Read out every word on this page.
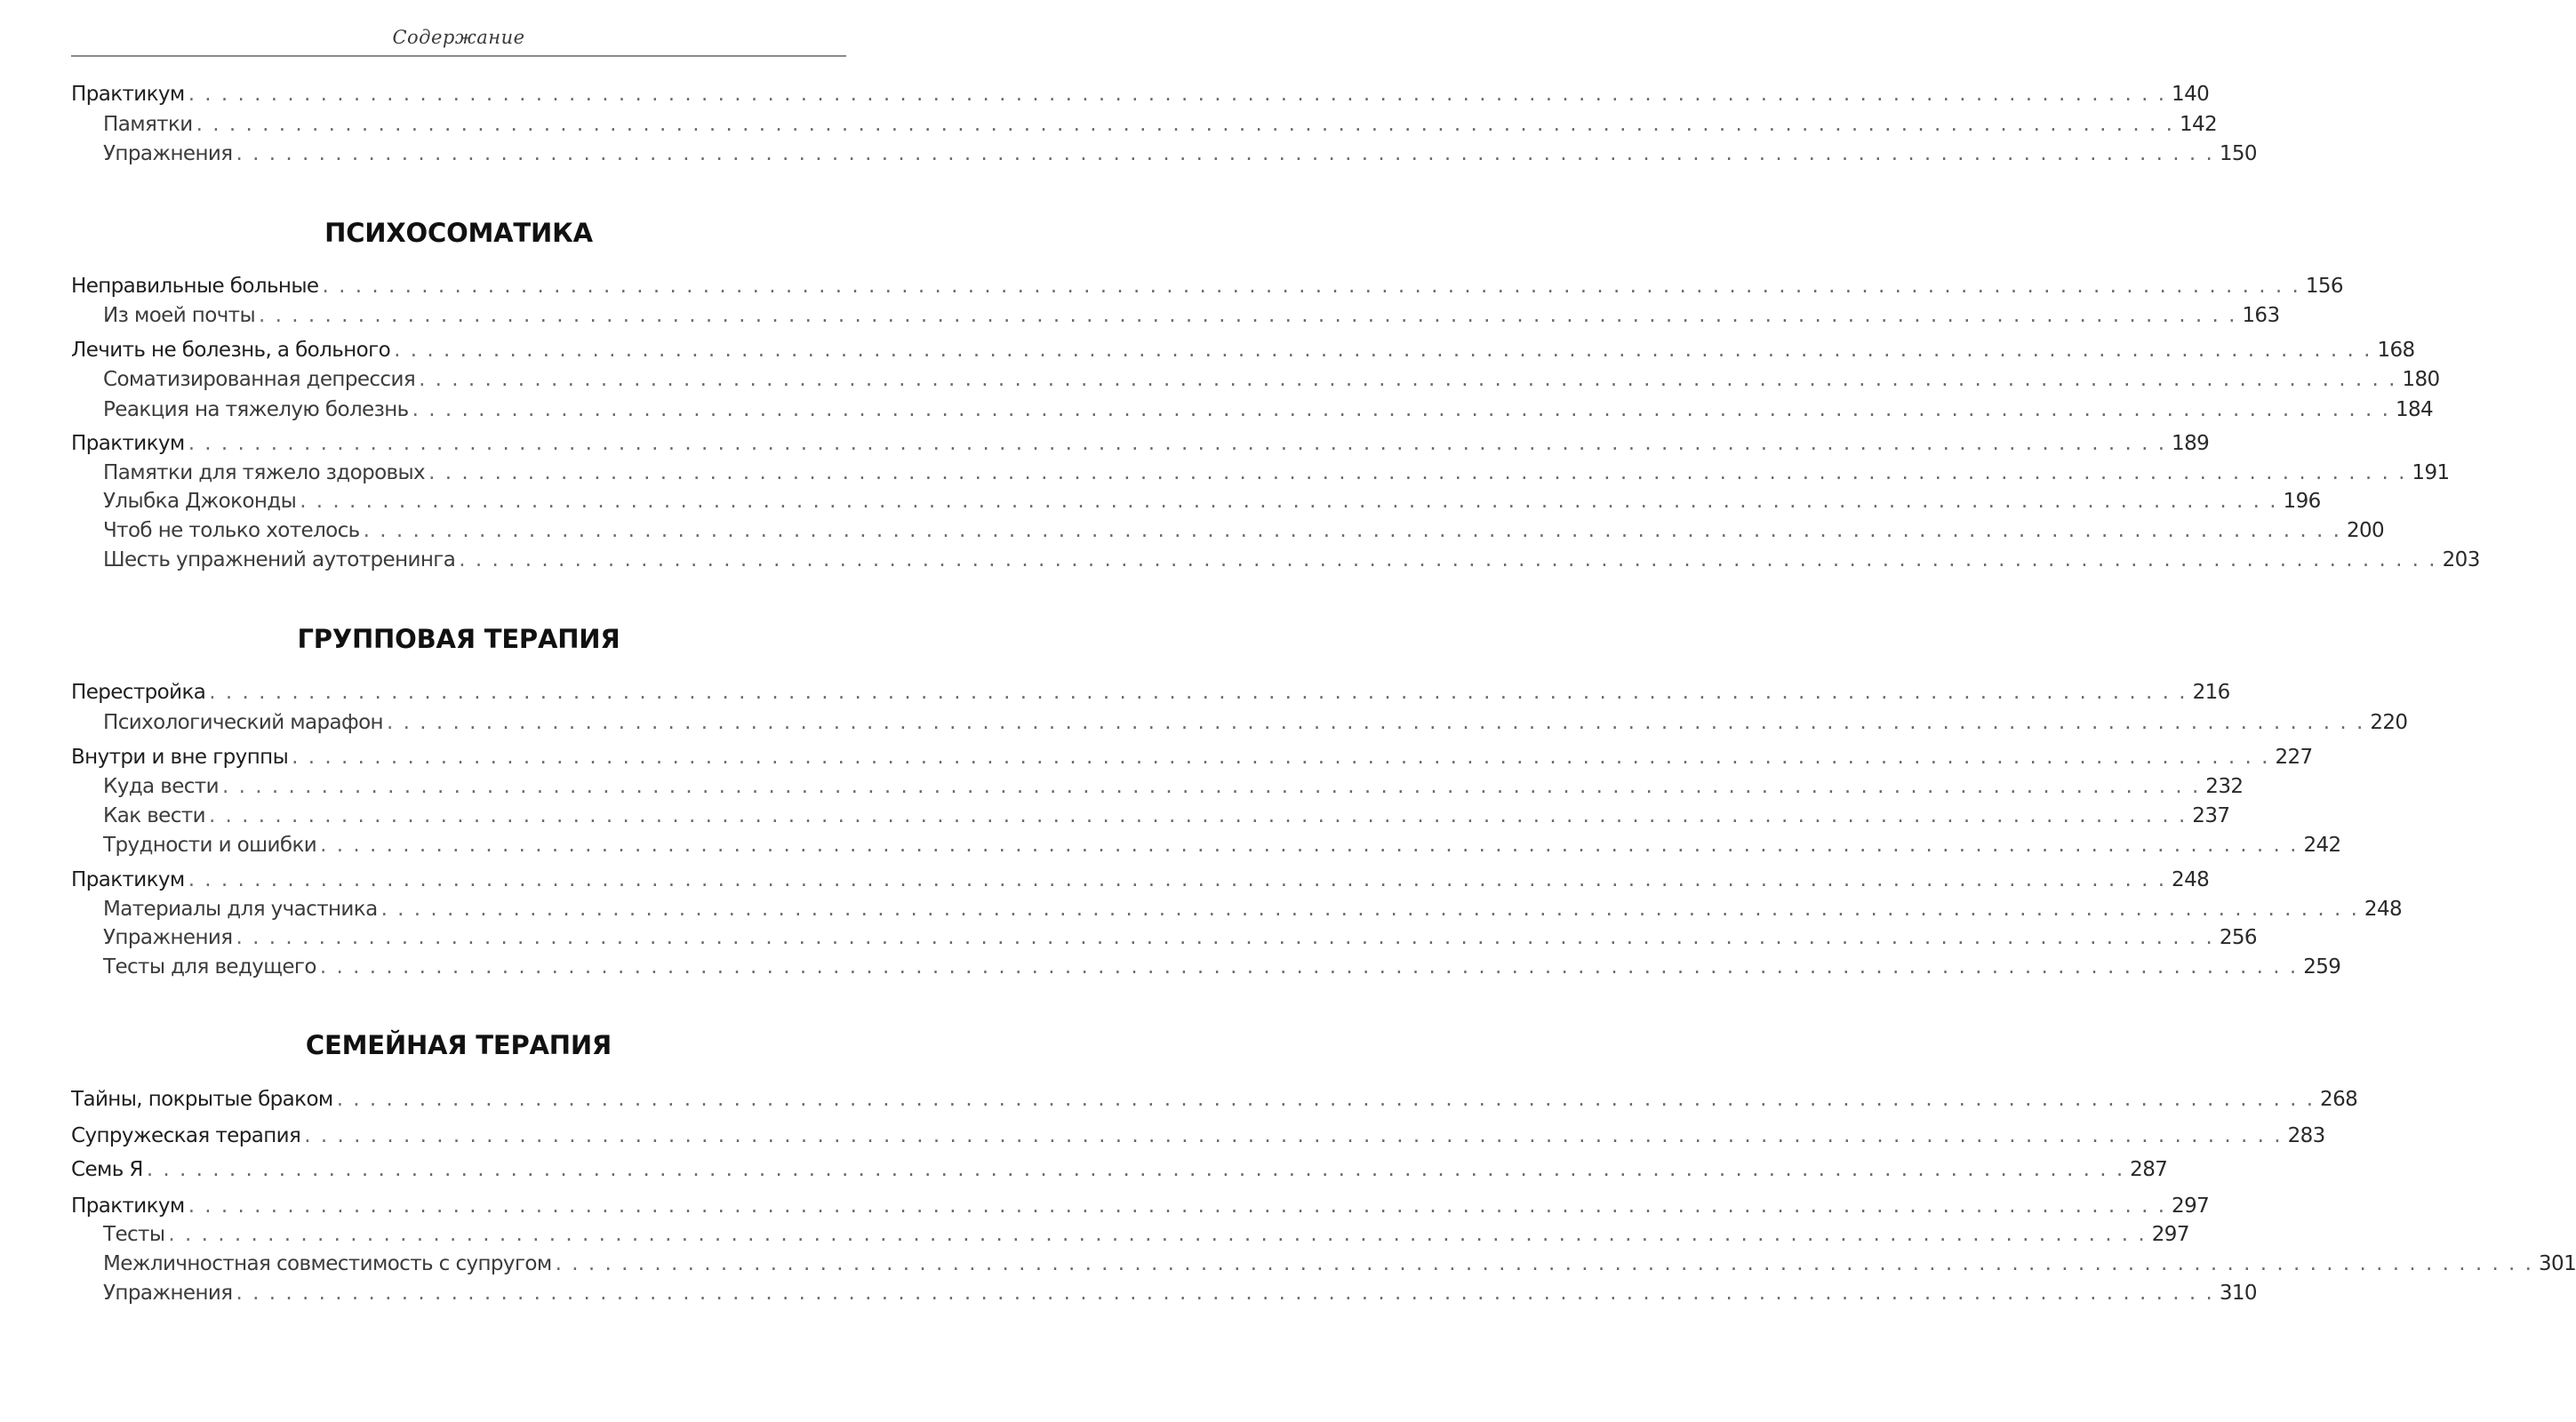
Содержание
Практикум . . . . . . . . . . . . . . . . . . . . . . . . . . . . . . . . . . . . . . . . . . . . . . . . . . . . . . . . . . . . . . . . . . . . . . . . . . . . . . . . . . . . . . . . . . . . . . . . . . . . . . . . . . . . . . . . . . . . . . . . 140
Памятки . . . . . . . . . . . . . . . . . . . . . . . . . . . . . . . . . . . . . . . . . . . . . . . . . . . . . . . . . . . . . . . . . . . . . . . . . . . . . . . . . . . . . . . . . . . . . . . . . . . . . . . . . . . . . . . . . . . . . . . . 142
Упражнения . . . . . . . . . . . . . . . . . . . . . . . . . . . . . . . . . . . . . . . . . . . . . . . . . . . . . . . . . . . . . . . . . . . . . . . . . . . . . . . . . . . . . . . . . . . . . . . . . . . . . . . . . . . . . . . . . . . . . . . . 150
ПСИХОСОМАТИКА
Неправильные больные . . . . . . . . . . . . . . . . . . . . . . . . . . . . . . . . . . . . . . . . . . . . . . . . . . . . . . . . . . . . . . . . . . . . . . . . . . . . . . . . . . . . . . . . . . . . . . . . . . . . . . . . . . . . . . . . . . . . . . . . 156
Из моей почты . . . . . . . . . . . . . . . . . . . . . . . . . . . . . . . . . . . . . . . . . . . . . . . . . . . . . . . . . . . . . . . . . . . . . . . . . . . . . . . . . . . . . . . . . . . . . . . . . . . . . . . . . . . . . . . . . . . . . . . . 163
Лечить не болезнь, а больного . . . . . . . . . . . . . . . . . . . . . . . . . . . . . . . . . . . . . . . . . . . . . . . . . . . . . . . . . . . . . . . . . . . . . . . . . . . . . . . . . . . . . . . . . . . . . . . . . . . . . . . . . . . . . . . . . . . . . . . . 168
Соматизированная депрессия . . . . . . . . . . . . . . . . . . . . . . . . . . . . . . . . . . . . . . . . . . . . . . . . . . . . . . . . . . . . . . . . . . . . . . . . . . . . . . . . . . . . . . . . . . . . . . . . . . . . . . . . . . . . . . . . . . . . . . . . 180
Реакция на тяжелую болезнь . . . . . . . . . . . . . . . . . . . . . . . . . . . . . . . . . . . . . . . . . . . . . . . . . . . . . . . . . . . . . . . . . . . . . . . . . . . . . . . . . . . . . . . . . . . . . . . . . . . . . . . . . . . . . . . . . . . . . . . . 184
Практикум . . . . . . . . . . . . . . . . . . . . . . . . . . . . . . . . . . . . . . . . . . . . . . . . . . . . . . . . . . . . . . . . . . . . . . . . . . . . . . . . . . . . . . . . . . . . . . . . . . . . . . . . . . . . . . . . . . . . . . . . 189
Памятки для тяжело здоровых . . . . . . . . . . . . . . . . . . . . . . . . . . . . . . . . . . . . . . . . . . . . . . . . . . . . . . . . . . . . . . . . . . . . . . . . . . . . . . . . . . . . . . . . . . . . . . . . . . . . . . . . . . . . . . . . . . . . . . . . 191
Улыбка Джоконды . . . . . . . . . . . . . . . . . . . . . . . . . . . . . . . . . . . . . . . . . . . . . . . . . . . . . . . . . . . . . . . . . . . . . . . . . . . . . . . . . . . . . . . . . . . . . . . . . . . . . . . . . . . . . . . . . . . . . . . . 196
Чтоб не только хотелось . . . . . . . . . . . . . . . . . . . . . . . . . . . . . . . . . . . . . . . . . . . . . . . . . . . . . . . . . . . . . . . . . . . . . . . . . . . . . . . . . . . . . . . . . . . . . . . . . . . . . . . . . . . . . . . . . . . . . . . . 200
Шесть упражнений аутотренинга . . . . . . . . . . . . . . . . . . . . . . . . . . . . . . . . . . . . . . . . . . . . . . . . . . . . . . . . . . . . . . . . . . . . . . . . . . . . . . . . . . . . . . . . . . . . . . . . . . . . . . . . . . . . . . . . . . . . . . . . 203
ГРУППОВАЯ ТЕРАПИЯ
Перестройка . . . . . . . . . . . . . . . . . . . . . . . . . . . . . . . . . . . . . . . . . . . . . . . . . . . . . . . . . . . . . . . . . . . . . . . . . . . . . . . . . . . . . . . . . . . . . . . . . . . . . . . . . . . . . . . . . . . . . . . . 216
Психологический марафон . . . . . . . . . . . . . . . . . . . . . . . . . . . . . . . . . . . . . . . . . . . . . . . . . . . . . . . . . . . . . . . . . . . . . . . . . . . . . . . . . . . . . . . . . . . . . . . . . . . . . . . . . . . . . . . . . . . . . . . . 220
Внутри и вне группы . . . . . . . . . . . . . . . . . . . . . . . . . . . . . . . . . . . . . . . . . . . . . . . . . . . . . . . . . . . . . . . . . . . . . . . . . . . . . . . . . . . . . . . . . . . . . . . . . . . . . . . . . . . . . . . . . . . . . . . . 227
Куда вести . . . . . . . . . . . . . . . . . . . . . . . . . . . . . . . . . . . . . . . . . . . . . . . . . . . . . . . . . . . . . . . . . . . . . . . . . . . . . . . . . . . . . . . . . . . . . . . . . . . . . . . . . . . . . . . . . . . . . . . . 232
Как вести . . . . . . . . . . . . . . . . . . . . . . . . . . . . . . . . . . . . . . . . . . . . . . . . . . . . . . . . . . . . . . . . . . . . . . . . . . . . . . . . . . . . . . . . . . . . . . . . . . . . . . . . . . . . . . . . . . . . . . . . 237
Трудности и ошибки . . . . . . . . . . . . . . . . . . . . . . . . . . . . . . . . . . . . . . . . . . . . . . . . . . . . . . . . . . . . . . . . . . . . . . . . . . . . . . . . . . . . . . . . . . . . . . . . . . . . . . . . . . . . . . . . . . . . . . . . 242
Практикум . . . . . . . . . . . . . . . . . . . . . . . . . . . . . . . . . . . . . . . . . . . . . . . . . . . . . . . . . . . . . . . . . . . . . . . . . . . . . . . . . . . . . . . . . . . . . . . . . . . . . . . . . . . . . . . . . . . . . . . . 248
Материалы для участника . . . . . . . . . . . . . . . . . . . . . . . . . . . . . . . . . . . . . . . . . . . . . . . . . . . . . . . . . . . . . . . . . . . . . . . . . . . . . . . . . . . . . . . . . . . . . . . . . . . . . . . . . . . . . . . . . . . . . . . . 248
Упражнения . . . . . . . . . . . . . . . . . . . . . . . . . . . . . . . . . . . . . . . . . . . . . . . . . . . . . . . . . . . . . . . . . . . . . . . . . . . . . . . . . . . . . . . . . . . . . . . . . . . . . . . . . . . . . . . . . . . . . . . . 256
Тесты для ведущего . . . . . . . . . . . . . . . . . . . . . . . . . . . . . . . . . . . . . . . . . . . . . . . . . . . . . . . . . . . . . . . . . . . . . . . . . . . . . . . . . . . . . . . . . . . . . . . . . . . . . . . . . . . . . . . . . . . . . . . . 259
СЕМЕЙНАЯ ТЕРАПИЯ
Тайны, покрытые браком . . . . . . . . . . . . . . . . . . . . . . . . . . . . . . . . . . . . . . . . . . . . . . . . . . . . . . . . . . . . . . . . . . . . . . . . . . . . . . . . . . . . . . . . . . . . . . . . . . . . . . . . . . . . . . . . . . . . . . . . 268
Супружеская терапия . . . . . . . . . . . . . . . . . . . . . . . . . . . . . . . . . . . . . . . . . . . . . . . . . . . . . . . . . . . . . . . . . . . . . . . . . . . . . . . . . . . . . . . . . . . . . . . . . . . . . . . . . . . . . . . . . . . . . . . . 283
Семь Я . . . . . . . . . . . . . . . . . . . . . . . . . . . . . . . . . . . . . . . . . . . . . . . . . . . . . . . . . . . . . . . . . . . . . . . . . . . . . . . . . . . . . . . . . . . . . . . . . . . . . . . . . . . . . . . . . . . . . . . . 287
Практикум . . . . . . . . . . . . . . . . . . . . . . . . . . . . . . . . . . . . . . . . . . . . . . . . . . . . . . . . . . . . . . . . . . . . . . . . . . . . . . . . . . . . . . . . . . . . . . . . . . . . . . . . . . . . . . . . . . . . . . . . 297
Тесты . . . . . . . . . . . . . . . . . . . . . . . . . . . . . . . . . . . . . . . . . . . . . . . . . . . . . . . . . . . . . . . . . . . . . . . . . . . . . . . . . . . . . . . . . . . . . . . . . . . . . . . . . . . . . . . . . . . . . . . . 297
Межличностная совместимость с супругом . . . . . . . . . . . . . . . . . . . . . . . . . . . . . . . . . . . . . . . . . . . . . . . . . . . . . . . . . . . . . . . . . . . . . . . . . . . . . . . . . . . . . . . . . . . . . . . . . . . . . . . . . . . . . . . . . . . . . . . . 301
Упражнения . . . . . . . . . . . . . . . . . . . . . . . . . . . . . . . . . . . . . . . . . . . . . . . . . . . . . . . . . . . . . . . . . . . . . . . . . . . . . . . . . . . . . . . . . . . . . . . . . . . . . . . . . . . . . . . . . . . . . . . . 310
